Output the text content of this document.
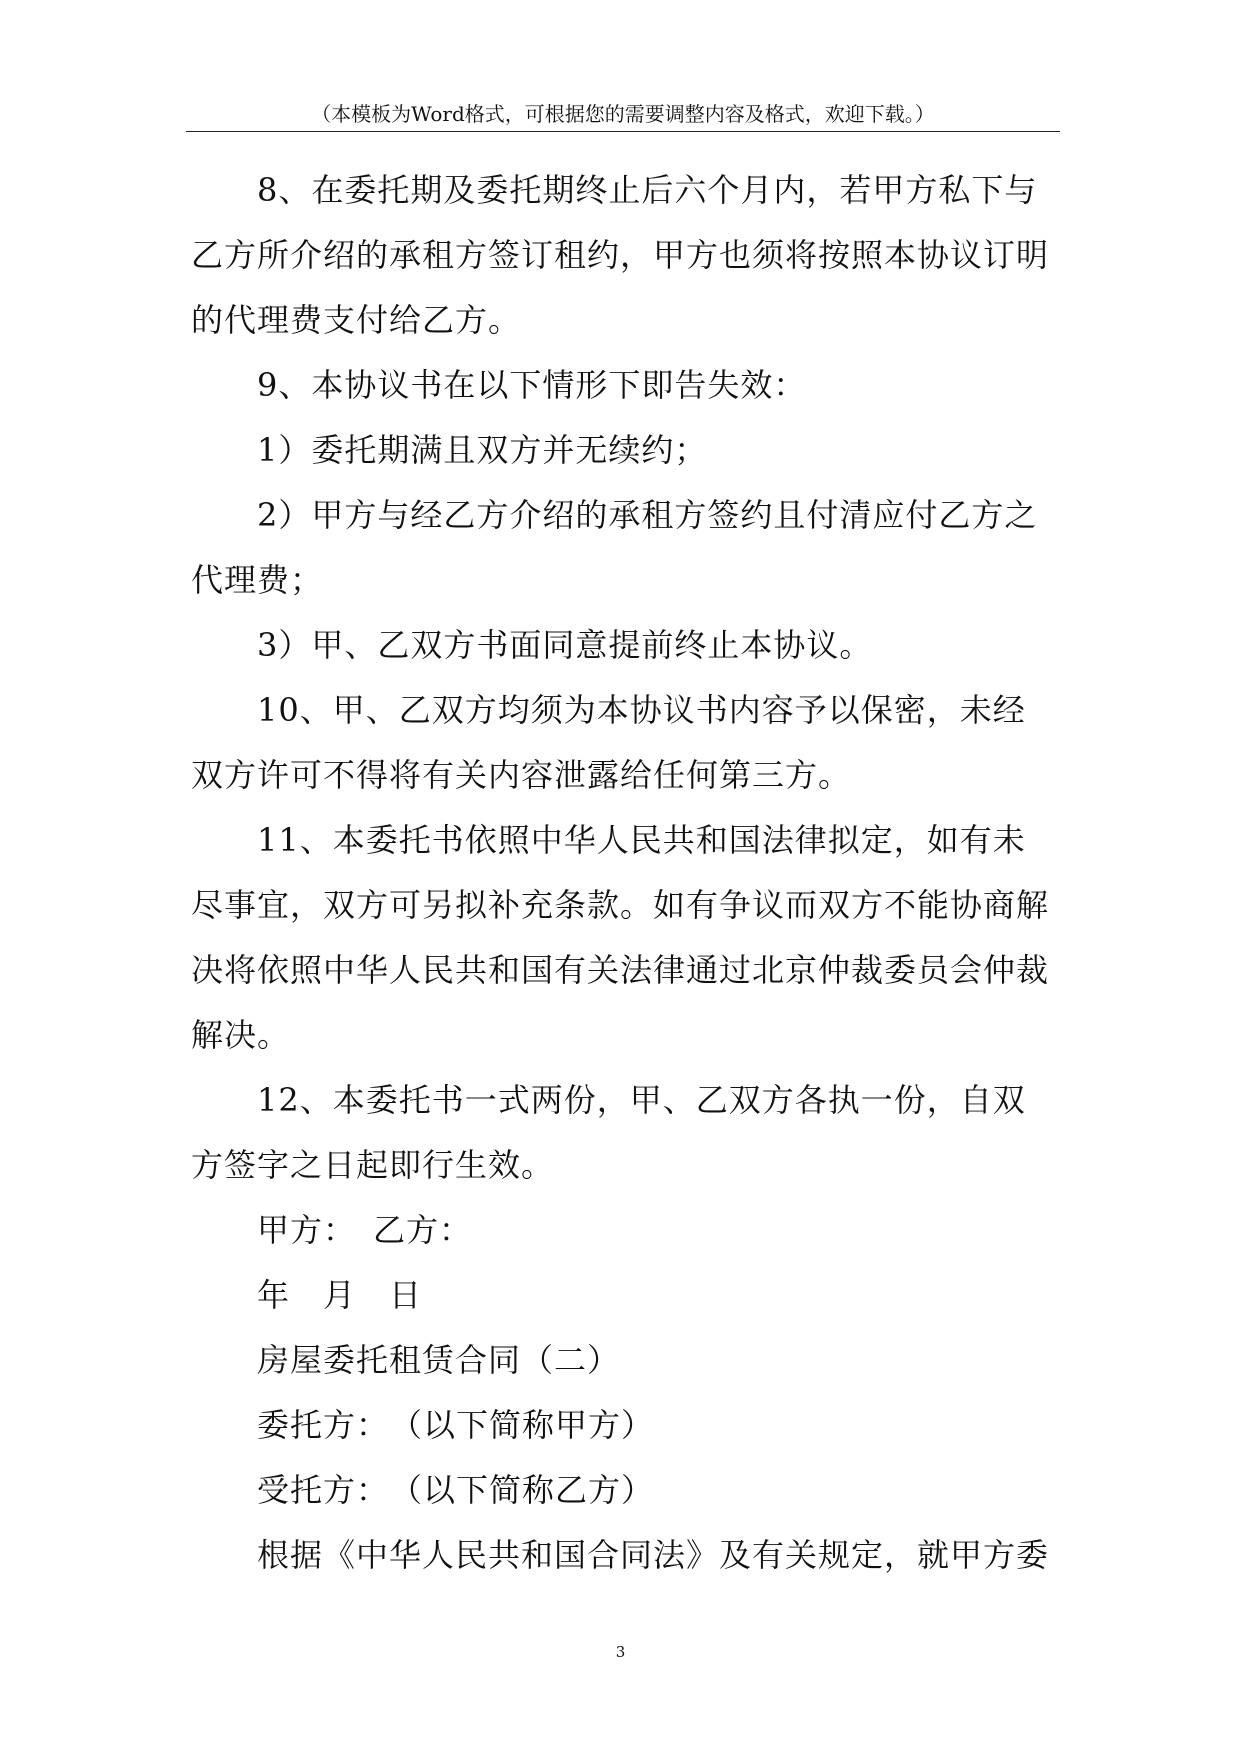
（本模板为Word格式，可根据您的需要调整内容及格式，欢迎下载。）

8、在委托期及委托期终止后六个月内，若甲方私下与乙方所介绍的承租方签订租约，甲方也须将按照本协议订明的代理费支付给乙方。

9、本协议书在以下情形下即告失效：

1）委托期满且双方并无续约；

2）甲方与经乙方介绍的承租方签约且付清应付乙方之代理费；

3）甲、乙双方书面同意提前终止本协议。

10、甲、乙双方均须为本协议书内容予以保密，未经双方许可不得将有关内容泄露给任何第三方。

11、本委托书依照中华人民共和国法律拟定，如有未尽事宜，双方可另拟补充条款。如有争议而双方不能协商解决将依照中华人民共和国有关法律通过北京仲裁委员会仲裁解决。

12、本委托书一式两份，甲、乙双方各执一份，自双方签字之日起即行生效。

甲方：　乙方：

年　月　日

房屋委托租赁合同（二）

委托方：　（以下简称甲方）

受托方：　（以下简称乙方）

根据《中华人民共和国合同法》及有关规定，就甲方委

3
